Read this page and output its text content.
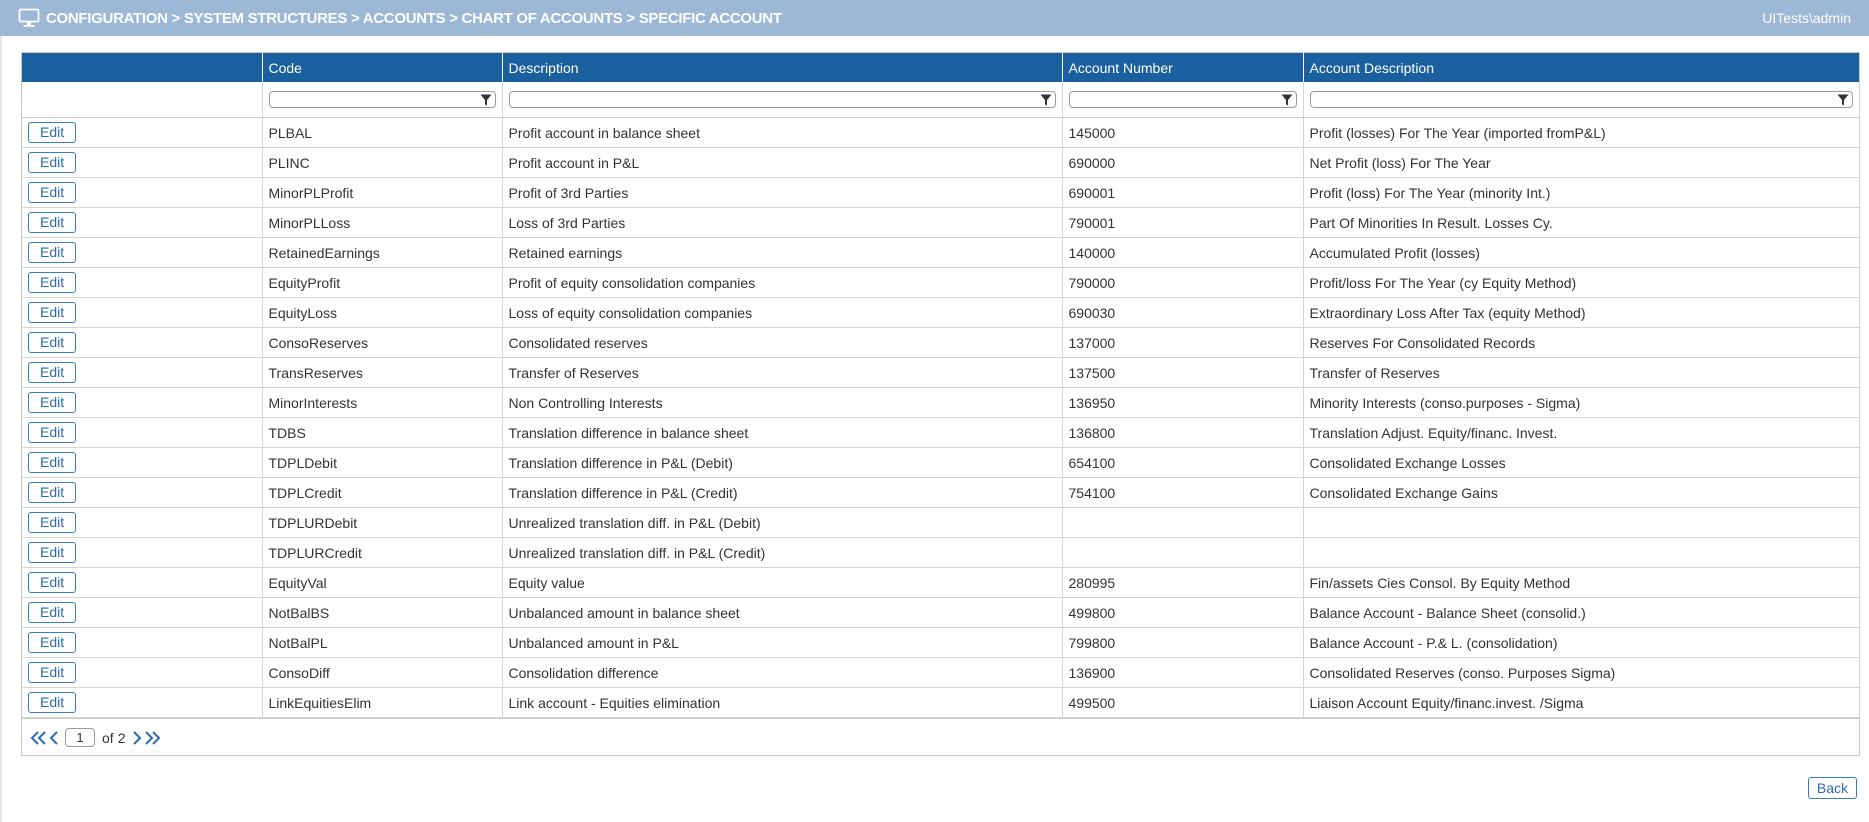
CONFIGURATION > SYSTEM STRUCTURES > ACCOUNTS > CHART OF ACCOUNTS > SPECIFIC ACCOUNT	UITests\admin
	Code	Description	Account Number	Account Description

Edit	PLBAL	Profit account in balance sheet	145000	Profit (losses) For The Year (imported fromP&L)
Edit	PLINC	Profit account in P&L	690000	Net Profit (loss) For The Year
Edit	MinorPLProfit	Profit of 3rd Parties	690001	Profit (loss) For The Year (minority Int.)
Edit	MinorPLLoss	Loss of 3rd Parties	790001	Part Of Minorities In Result. Losses Cy.
Edit	RetainedEarnings	Retained earnings	140000	Accumulated Profit (losses)
Edit	EquityProfit	Profit of equity consolidation companies	790000	Profit/loss For The Year (cy Equity Method)
Edit	EquityLoss	Loss of equity consolidation companies	690030	Extraordinary Loss After Tax (equity Method)
Edit	ConsoReserves	Consolidated reserves	137000	Reserves For Consolidated Records
Edit	TransReserves	Transfer of Reserves	137500	Transfer of Reserves
Edit	MinorInterests	Non Controlling Interests	136950	Minority Interests (conso.purposes - Sigma)
Edit	TDBS	Translation difference in balance sheet	136800	Translation Adjust. Equity/financ. Invest.
Edit	TDPLDebit	Translation difference in P&L (Debit)	654100	Consolidated Exchange Losses
Edit	TDPLCredit	Translation difference in P&L (Credit)	754100	Consolidated Exchange Gains
Edit	TDPLURDebit	Unrealized translation diff. in P&L (Debit)		
Edit	TDPLURCredit	Unrealized translation diff. in P&L (Credit)		
Edit	EquityVal	Equity value	280995	Fin/assets Cies Consol. By Equity Method
Edit	NotBalBS	Unbalanced amount in balance sheet	499800	Balance Account - Balance Sheet (consolid.)
Edit	NotBalPL	Unbalanced amount in P&L	799800	Balance Account - P.& L. (consolidation)
Edit	ConsoDiff	Consolidation difference	136900	Consolidated Reserves (conso. Purposes Sigma)
Edit	LinkEquitiesElim	Link account - Equities elimination	499500	Liaison Account Equity/financ.invest. /Sigma
1
of 2
Back
